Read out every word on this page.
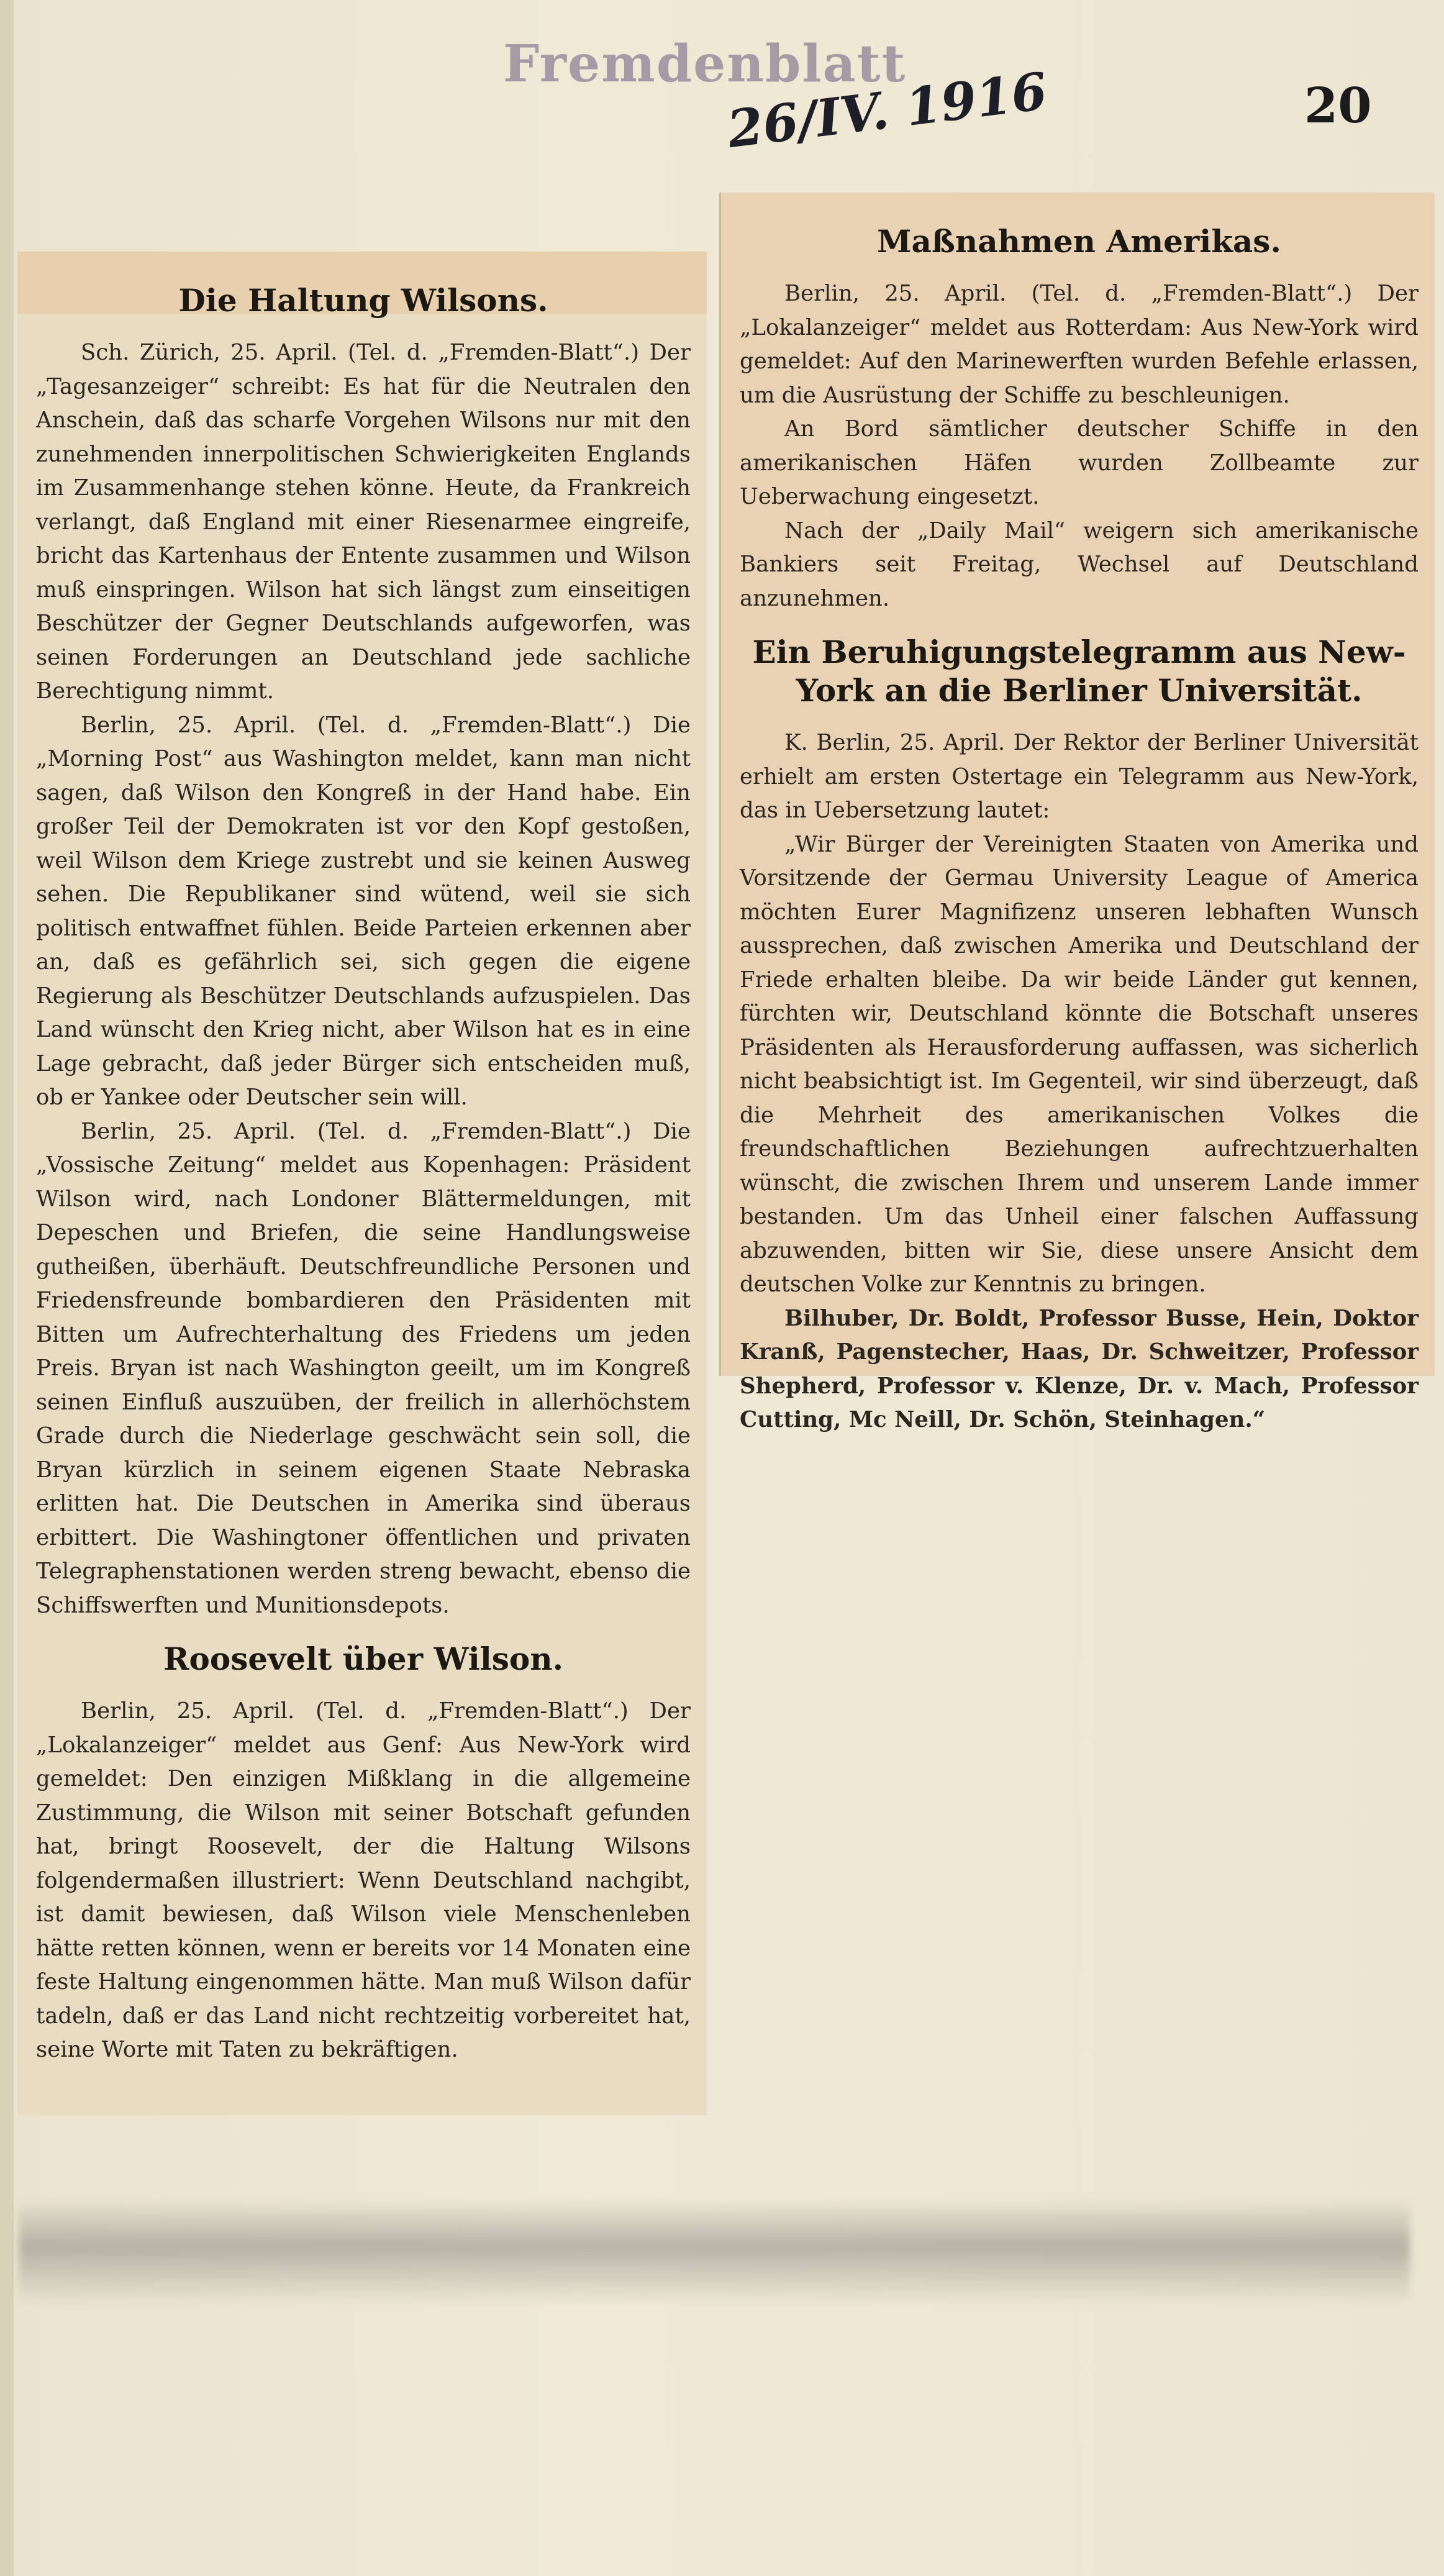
Fremdenblatt
26/IV. 1916	20
Die Haltung Wilsons.

Sch. Zürich, 25. April. (Tel. d. „Fremden-Blatt“.) Der „Tagesanzeiger“ schreibt: Es hat für die Neutralen den Anschein, daß das scharfe Vorgehen Wilsons nur mit den zunehmenden innerpolitischen Schwierigkeiten Englands im Zusammenhange stehen könne. Heute, da Frankreich verlangt, daß England mit einer Riesenarmee eingreife, bricht das Kartenhaus der Entente zusammen und Wilson muß einspringen. Wilson hat sich längst zum einseitigen Beschützer der Gegner Deutschlands aufgeworfen, was seinen Forderungen an Deutschland jede sachliche Berechtigung nimmt.

Berlin, 25. April. (Tel. d. „Fremden-Blatt“.) Die „Morning Post“ aus Washington meldet, kann man nicht sagen, daß Wilson den Kongreß in der Hand habe. Ein großer Teil der Demokraten ist vor den Kopf gestoßen, weil Wilson dem Kriege zustrebt und sie keinen Ausweg sehen. Die Republikaner sind wütend, weil sie sich politisch entwaffnet fühlen. Beide Parteien erkennen aber an, daß es gefährlich sei, sich gegen die eigene Regierung als Beschützer Deutschlands aufzuspielen. Das Land wünscht den Krieg nicht, aber Wilson hat es in eine Lage gebracht, daß jeder Bürger sich entscheiden muß, ob er Yankee oder Deutscher sein will.

Berlin, 25. April. (Tel. d. „Fremden-Blatt“.) Die „Vossische Zeitung“ meldet aus Kopenhagen: Präsident Wilson wird, nach Londoner Blättermeldungen, mit Depeschen und Briefen, die seine Handlungsweise gutheißen, überhäuft. Deutschfreundliche Personen und Friedensfreunde bombardieren den Präsidenten mit Bitten um Aufrechterhaltung des Friedens um jeden Preis. Bryan ist nach Washington geeilt, um im Kongreß seinen Einfluß auszuüben, der freilich in allerhöchstem Grade durch die Niederlage geschwächt sein soll, die Bryan kürzlich in seinem eigenen Staate Nebraska erlitten hat. Die Deutschen in Amerika sind überaus erbittert. Die Washingtoner öffentlichen und privaten Telegraphenstationen werden streng bewacht, ebenso die Schiffswerften und Munitionsdepots.

Roosevelt über Wilson.

Berlin, 25. April. (Tel. d. „Fremden-Blatt“.) Der „Lokalanzeiger“ meldet aus Genf: Aus New-York wird gemeldet: Den einzigen Mißklang in die allgemeine Zustimmung, die Wilson mit seiner Botschaft gefunden hat, bringt Roosevelt, der die Haltung Wilsons folgendermaßen illustriert: Wenn Deutschland nachgibt, ist damit bewiesen, daß Wilson viele Menschenleben hätte retten können, wenn er bereits vor 14 Monaten eine feste Haltung eingenommen hätte. Man muß Wilson dafür tadeln, daß er das Land nicht rechtzeitig vorbereitet hat, seine Worte mit Taten zu bekräftigen.

Maßnahmen Amerikas.

Berlin, 25. April. (Tel. d. „Fremden-Blatt“.) Der „Lokalanzeiger“ meldet aus Rotterdam: Aus New-York wird gemeldet: Auf den Marinewerften wurden Befehle erlassen, um die Ausrüstung der Schiffe zu beschleunigen.

An Bord sämtlicher deutscher Schiffe in den amerikanischen Häfen wurden Zollbeamte zur Ueberwachung eingesetzt.

Nach der „Daily Mail“ weigern sich amerikanische Bankiers seit Freitag, Wechsel auf Deutschland anzunehmen.

Ein Beruhigungstelegramm aus New-York an die Berliner Universität.

K. Berlin, 25. April. Der Rektor der Berliner Universität erhielt am ersten Ostertage ein Telegramm aus New-York, das in Uebersetzung lautet:

„Wir Bürger der Vereinigten Staaten von Amerika und Vorsitzende der Germau University League of America möchten Eurer Magnifizenz unseren lebhaften Wunsch aussprechen, daß zwischen Amerika und Deutschland der Friede erhalten bleibe. Da wir beide Länder gut kennen, fürchten wir, Deutschland könnte die Botschaft unseres Präsidenten als Herausforderung auffassen, was sicherlich nicht beabsichtigt ist. Im Gegenteil, wir sind überzeugt, daß die Mehrheit des amerikanischen Volkes die freundschaftlichen Beziehungen aufrechtzuerhalten wünscht, die zwischen Ihrem und unserem Lande immer bestanden. Um das Unheil einer falschen Auffassung abzuwenden, bitten wir Sie, diese unsere Ansicht dem deutschen Volke zur Kenntnis zu bringen.

Bilhuber, Dr. Boldt, Professor Busse, Hein, Doktor Kranß, Pagenstecher, Haas, Dr. Schweitzer, Professor Shepherd, Professor v. Klenze, Dr. v. Mach, Professor Cutting, Mc Neill, Dr. Schön, Steinhagen.“
